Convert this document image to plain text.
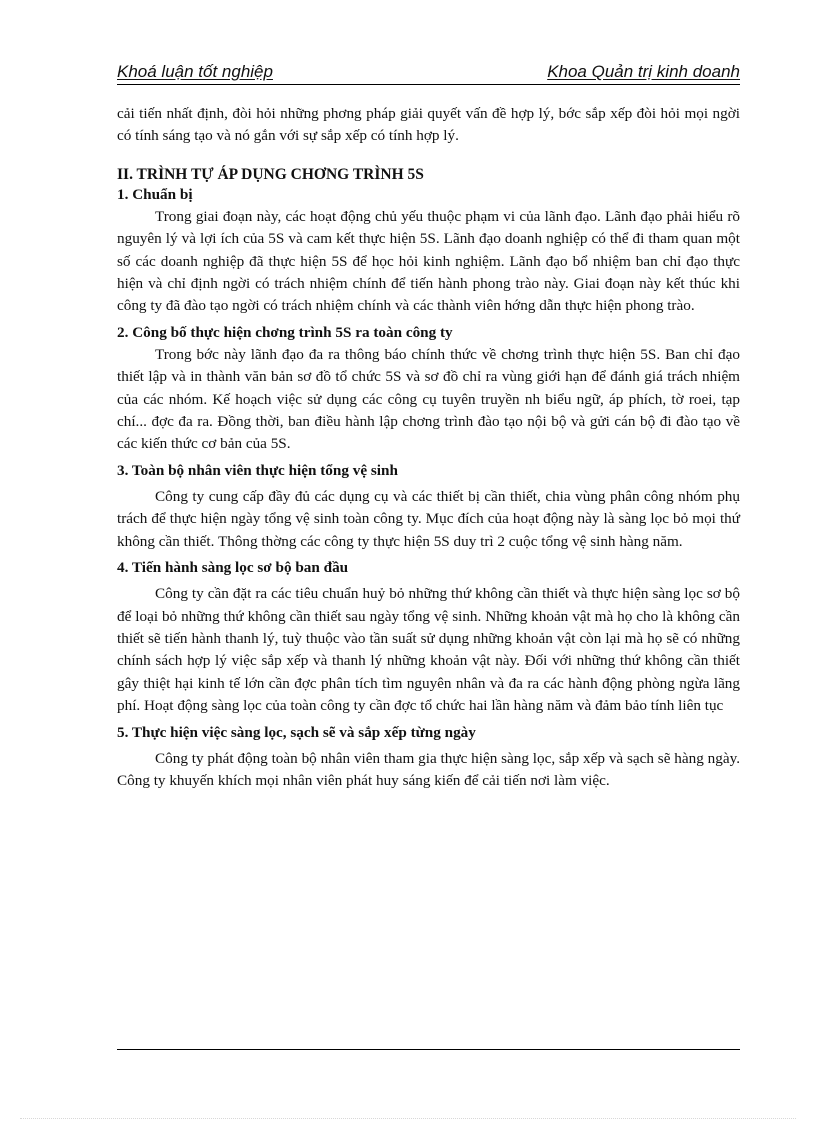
Khoá luận tốt nghiệp	Khoa Quản trị kinh doanh

cải tiến nhất định, đòi hỏi những phơng pháp giải quyết vấn đề hợp lý, bớc sắp xếp đòi hỏi mọi ngời có tính sáng tạo và nó gắn với sự sắp xếp có tính hợp lý.

II. TRÌNH TỰ ÁP DỤNG CHƠNG TRÌNH 5S

1. Chuẩn bị

Trong giai đoạn này, các hoạt động chủ yếu thuộc phạm vi của lãnh đạo. Lãnh đạo phải hiểu rõ nguyên lý và lợi ích của 5S và cam kết thực hiện 5S. Lãnh đạo doanh nghiệp có thể đi tham quan một số các doanh nghiệp đã thực hiện 5S để học hỏi kinh nghiệm. Lãnh đạo bổ nhiệm ban chỉ đạo thực hiện và chỉ định ngời có trách nhiệm chính để tiến hành phong trào này. Giai đoạn này kết thúc khi công ty đã đào tạo ngời có trách nhiệm chính và các thành viên hớng dẫn thực hiện phong trào.

2. Công bố thực hiện chơng trình 5S ra toàn công ty

Trong bớc này lãnh đạo đa ra thông báo chính thức về chơng trình thực hiện 5S. Ban chỉ đạo thiết lập và in thành văn bản sơ đồ tổ chức 5S và sơ đồ chỉ ra vùng giới hạn để đánh giá trách nhiệm của các nhóm. Kế hoạch việc sử dụng các công cụ tuyên truyền nh biểu ngữ, áp phích, tờ roei, tạp chí... đợc đa ra. Đồng thời, ban điều hành lập chơng trình đào tạo nội bộ và gửi cán bộ đi đào tạo về các kiến thức cơ bản của 5S.

3. Toàn bộ nhân viên thực hiện tổng vệ sinh

Công ty cung cấp đầy đủ các dụng cụ và các thiết bị cần thiết, chia vùng phân công nhóm phụ trách để thực hiện ngày tổng vệ sinh toàn công ty. Mục đích của hoạt động này là sàng lọc bỏ mọi thứ không cần thiết. Thông thờng các công ty thực hiện 5S duy trì 2 cuộc tổng vệ sinh hàng năm.

4. Tiến hành sàng lọc sơ bộ ban đầu

Công ty cần đặt ra các tiêu chuẩn huỷ bỏ những thứ không cần thiết và thực hiện sàng lọc sơ bộ để loại bỏ những thứ không cần thiết sau ngày tổng vệ sinh. Những khoản vật mà họ cho là không cần thiết sẽ tiến hành thanh lý, tuỳ thuộc vào tần suất sử dụng những khoản vật còn lại mà họ sẽ có những chính sách hợp lý việc sắp xếp và thanh lý những khoản vật này. Đối với những thứ không cần thiết gây thiệt hại kinh tế lớn cần đợc phân tích tìm nguyên nhân và đa ra các hành động phòng ngừa lãng phí. Hoạt động sàng lọc của toàn công ty cần đợc tổ chức hai lần hàng năm và đảm bảo tính liên tục

5. Thực hiện việc sàng lọc, sạch sẽ và sắp xếp từng ngày

Công ty phát động toàn bộ nhân viên tham gia thực hiện sàng lọc, sắp xếp và sạch sẽ hàng ngày. Công ty khuyến khích mọi nhân viên phát huy sáng kiến để cải tiến nơi làm việc.
